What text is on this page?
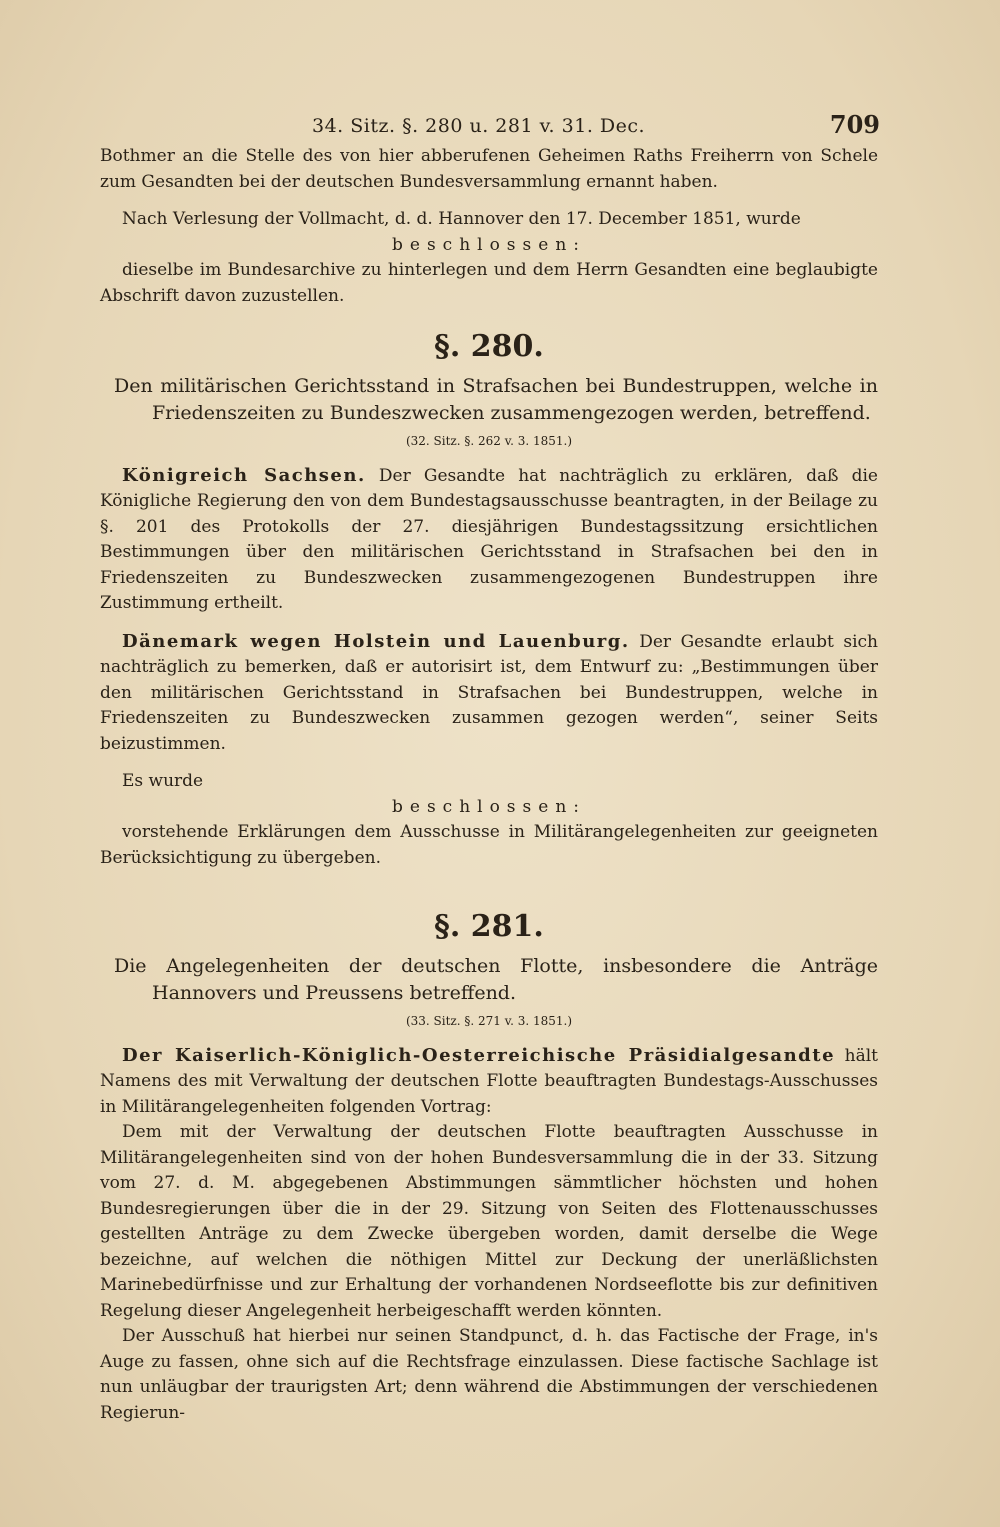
34. Sitz. §. 280 u. 281 v. 31. Dec.	709

Bothmer an die Stelle des von hier abberufenen Geheimen Raths Freiherrn von Schele zum Gesandten bei der deutschen Bundesversammlung ernannt haben.

Nach Verlesung der Vollmacht, d. d. Hannover den 17. December 1851, wurde

beschlossen:

dieselbe im Bundesarchive zu hinterlegen und dem Herrn Gesandten eine beglaubigte Abschrift davon zuzustellen.

§. 280.

Den militärischen Gerichtsstand in Strafsachen bei Bundestruppen, welche in Friedenszeiten zu Bundeszwecken zusammengezogen werden, betreffend.

(32. Sitz. §. 262 v. 3. 1851.)

Königreich Sachsen. Der Gesandte hat nachträglich zu erklären, daß die Königliche Regierung den von dem Bundestagsausschusse beantragten, in der Beilage zu §. 201 des Protokolls der 27. diesjährigen Bundestagssitzung ersichtlichen Bestimmungen über den militärischen Gerichtsstand in Strafsachen bei den in Friedenszeiten zu Bundeszwecken zusammengezogenen Bundestruppen ihre Zustimmung ertheilt.

Dänemark wegen Holstein und Lauenburg. Der Gesandte erlaubt sich nachträglich zu bemerken, daß er autorisirt ist, dem Entwurf zu: „Bestimmungen über den militärischen Gerichtsstand in Strafsachen bei Bundestruppen, welche in Friedenszeiten zu Bundeszwecken zusammen gezogen werden“, seiner Seits beizustimmen.

Es wurde

beschlossen:

vorstehende Erklärungen dem Ausschusse in Militärangelegenheiten zur geeigneten Berücksichtigung zu übergeben.

§. 281.

Die Angelegenheiten der deutschen Flotte, insbesondere die Anträge Hannovers und Preussens betreffend.

(33. Sitz. §. 271 v. 3. 1851.)

Der Kaiserlich-Königlich-Oesterreichische Präsidialgesandte hält Namens des mit Verwaltung der deutschen Flotte beauftragten Bundestags-Ausschusses in Militärangelegenheiten folgenden Vortrag:

Dem mit der Verwaltung der deutschen Flotte beauftragten Ausschusse in Militärangelegenheiten sind von der hohen Bundesversammlung die in der 33. Sitzung vom 27. d. M. abgegebenen Abstimmungen sämmtlicher höchsten und hohen Bundesregierungen über die in der 29. Sitzung von Seiten des Flottenausschusses gestellten Anträge zu dem Zwecke übergeben worden, damit derselbe die Wege bezeichne, auf welchen die nöthigen Mittel zur Deckung der unerläßlichsten Marinebedürfnisse und zur Erhaltung der vorhandenen Nordseeflotte bis zur definitiven Regelung dieser Angelegenheit herbeigeschafft werden könnten.

Der Ausschuß hat hierbei nur seinen Standpunct, d. h. das Factische der Frage, in's Auge zu fassen, ohne sich auf die Rechtsfrage einzulassen. Diese factische Sachlage ist nun unläugbar der traurigsten Art; denn während die Abstimmungen der verschiedenen Regierun-
